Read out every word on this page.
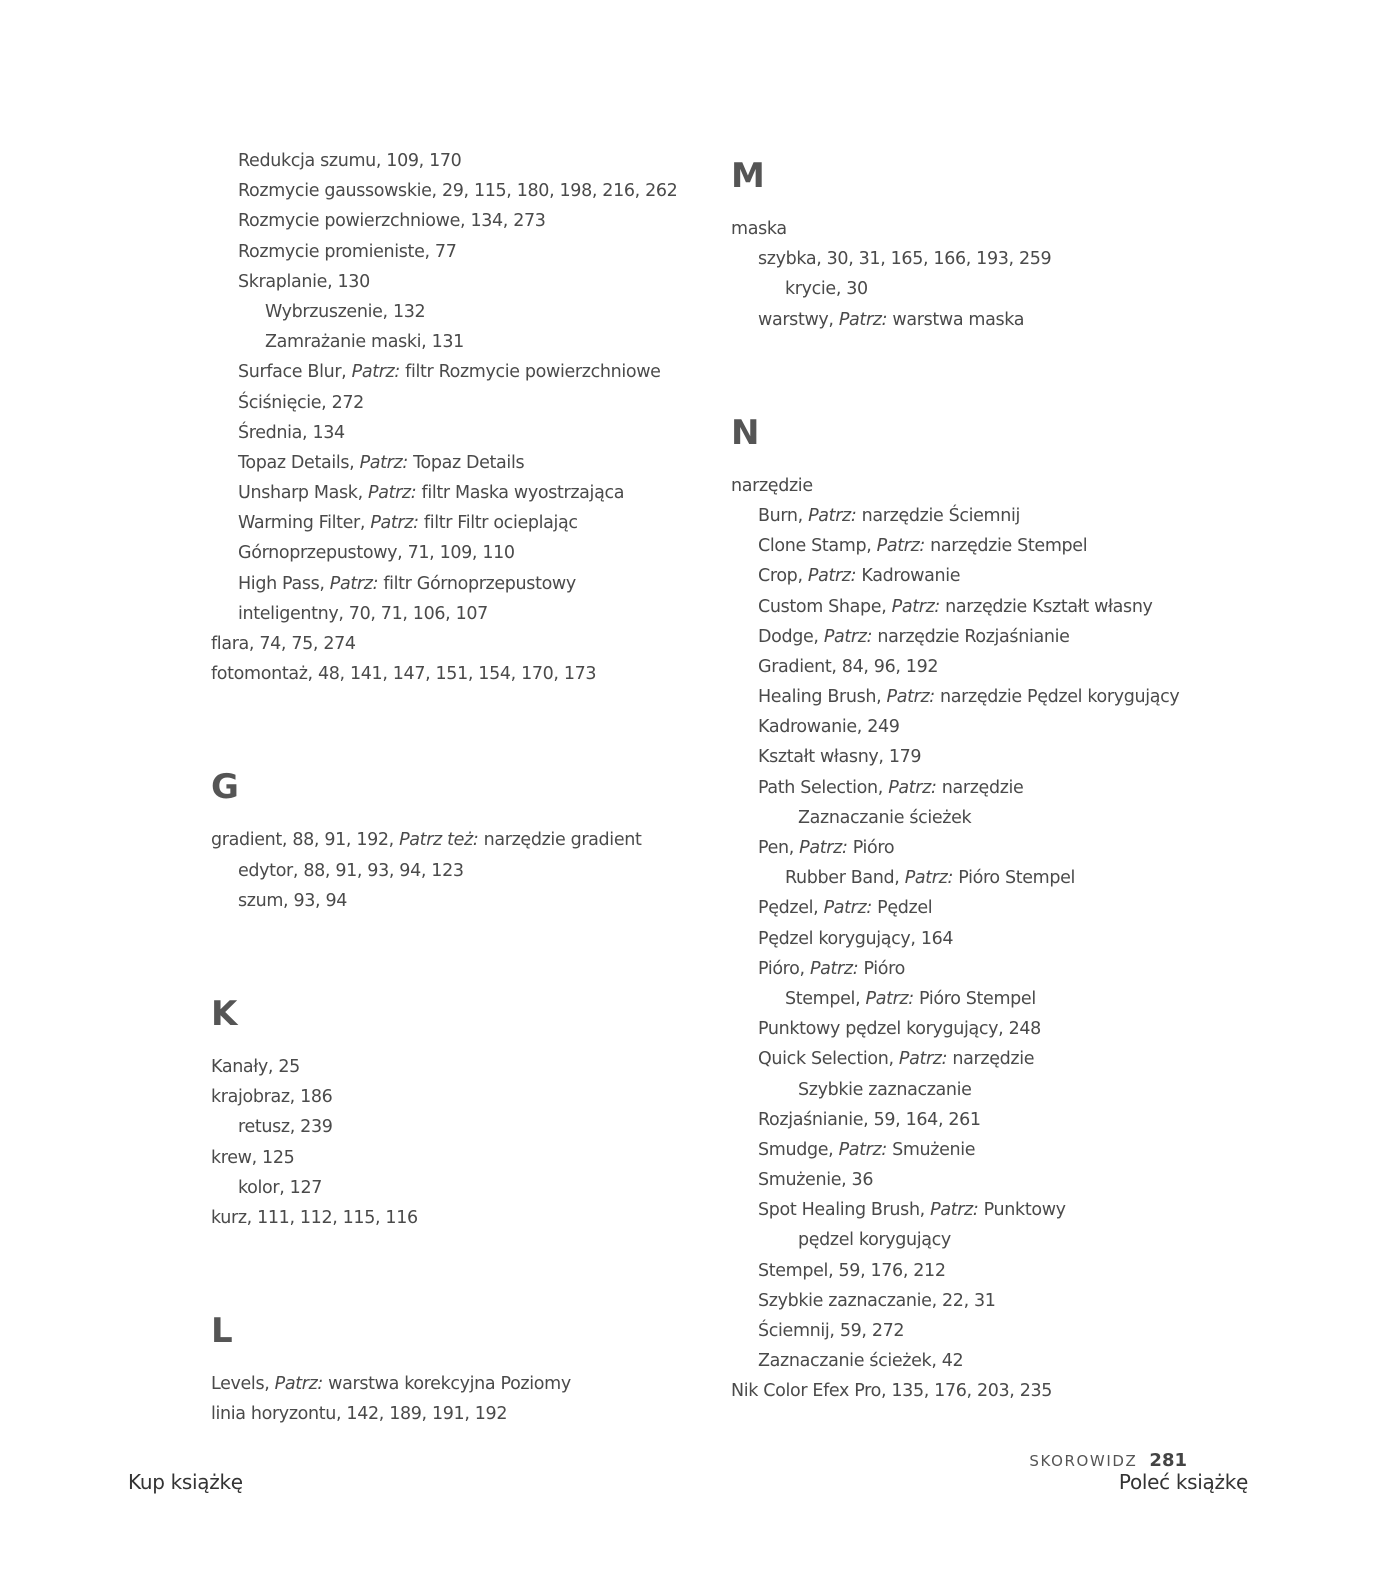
Redukcja szumu, 109, 170
Rozmycie gaussowskie, 29, 115, 180, 198, 216, 262
Rozmycie powierzchniowe, 134, 273
Rozmycie promieniste, 77
Skraplanie, 130
Wybrzuszenie, 132
Zamrażanie maski, 131
Surface Blur, Patrz: filtr Rozmycie powierzchniowe
Ściśnięcie, 272
Średnia, 134
Topaz Details, Patrz: Topaz Details
Unsharp Mask, Patrz: filtr Maska wyostrzająca
Warming Filter, Patrz: filtr Filtr ocieplając
Górnoprzepustowy, 71, 109, 110
High Pass, Patrz: filtr Górnoprzepustowy
inteligentny, 70, 71, 106, 107
flara, 74, 75, 274
fotomontaż, 48, 141, 147, 151, 154, 170, 173
G
gradient, 88, 91, 192, Patrz też: narzędzie gradient
edytor, 88, 91, 93, 94, 123
szum, 93, 94
K
Kanały, 25
krajobraz, 186
retusz, 239
krew, 125
kolor, 127
kurz, 111, 112, 115, 116
L
Levels, Patrz: warstwa korekcyjna Poziomy
linia horyzontu, 142, 189, 191, 192
M
maska
szybka, 30, 31, 165, 166, 193, 259
krycie, 30
warstwy, Patrz: warstwa maska
N
narzędzie
Burn, Patrz: narzędzie Ściemnij
Clone Stamp, Patrz: narzędzie Stempel
Crop, Patrz: Kadrowanie
Custom Shape, Patrz: narzędzie Kształt własny
Dodge, Patrz: narzędzie Rozjaśnianie
Gradient, 84, 96, 192
Healing Brush, Patrz: narzędzie Pędzel korygujący
Kadrowanie, 249
Kształt własny, 179
Path Selection, Patrz: narzędzie
Zaznaczanie ścieżek
Pen, Patrz: Pióro
Rubber Band, Patrz: Pióro Stempel
Pędzel, Patrz: Pędzel
Pędzel korygujący, 164
Pióro, Patrz: Pióro
Stempel, Patrz: Pióro Stempel
Punktowy pędzel korygujący, 248
Quick Selection, Patrz: narzędzie
Szybkie zaznaczanie
Rozjaśnianie, 59, 164, 261
Smudge, Patrz: Smużenie
Smużenie, 36
Spot Healing Brush, Patrz: Punktowy
pędzel korygujący
Stempel, 59, 176, 212
Szybkie zaznaczanie, 22, 31
Ściemnij, 59, 272
Zaznaczanie ścieżek, 42
Nik Color Efex Pro, 135, 176, 203, 235
SKOROWIDZ 281
Kup książkę	Poleć książkę
